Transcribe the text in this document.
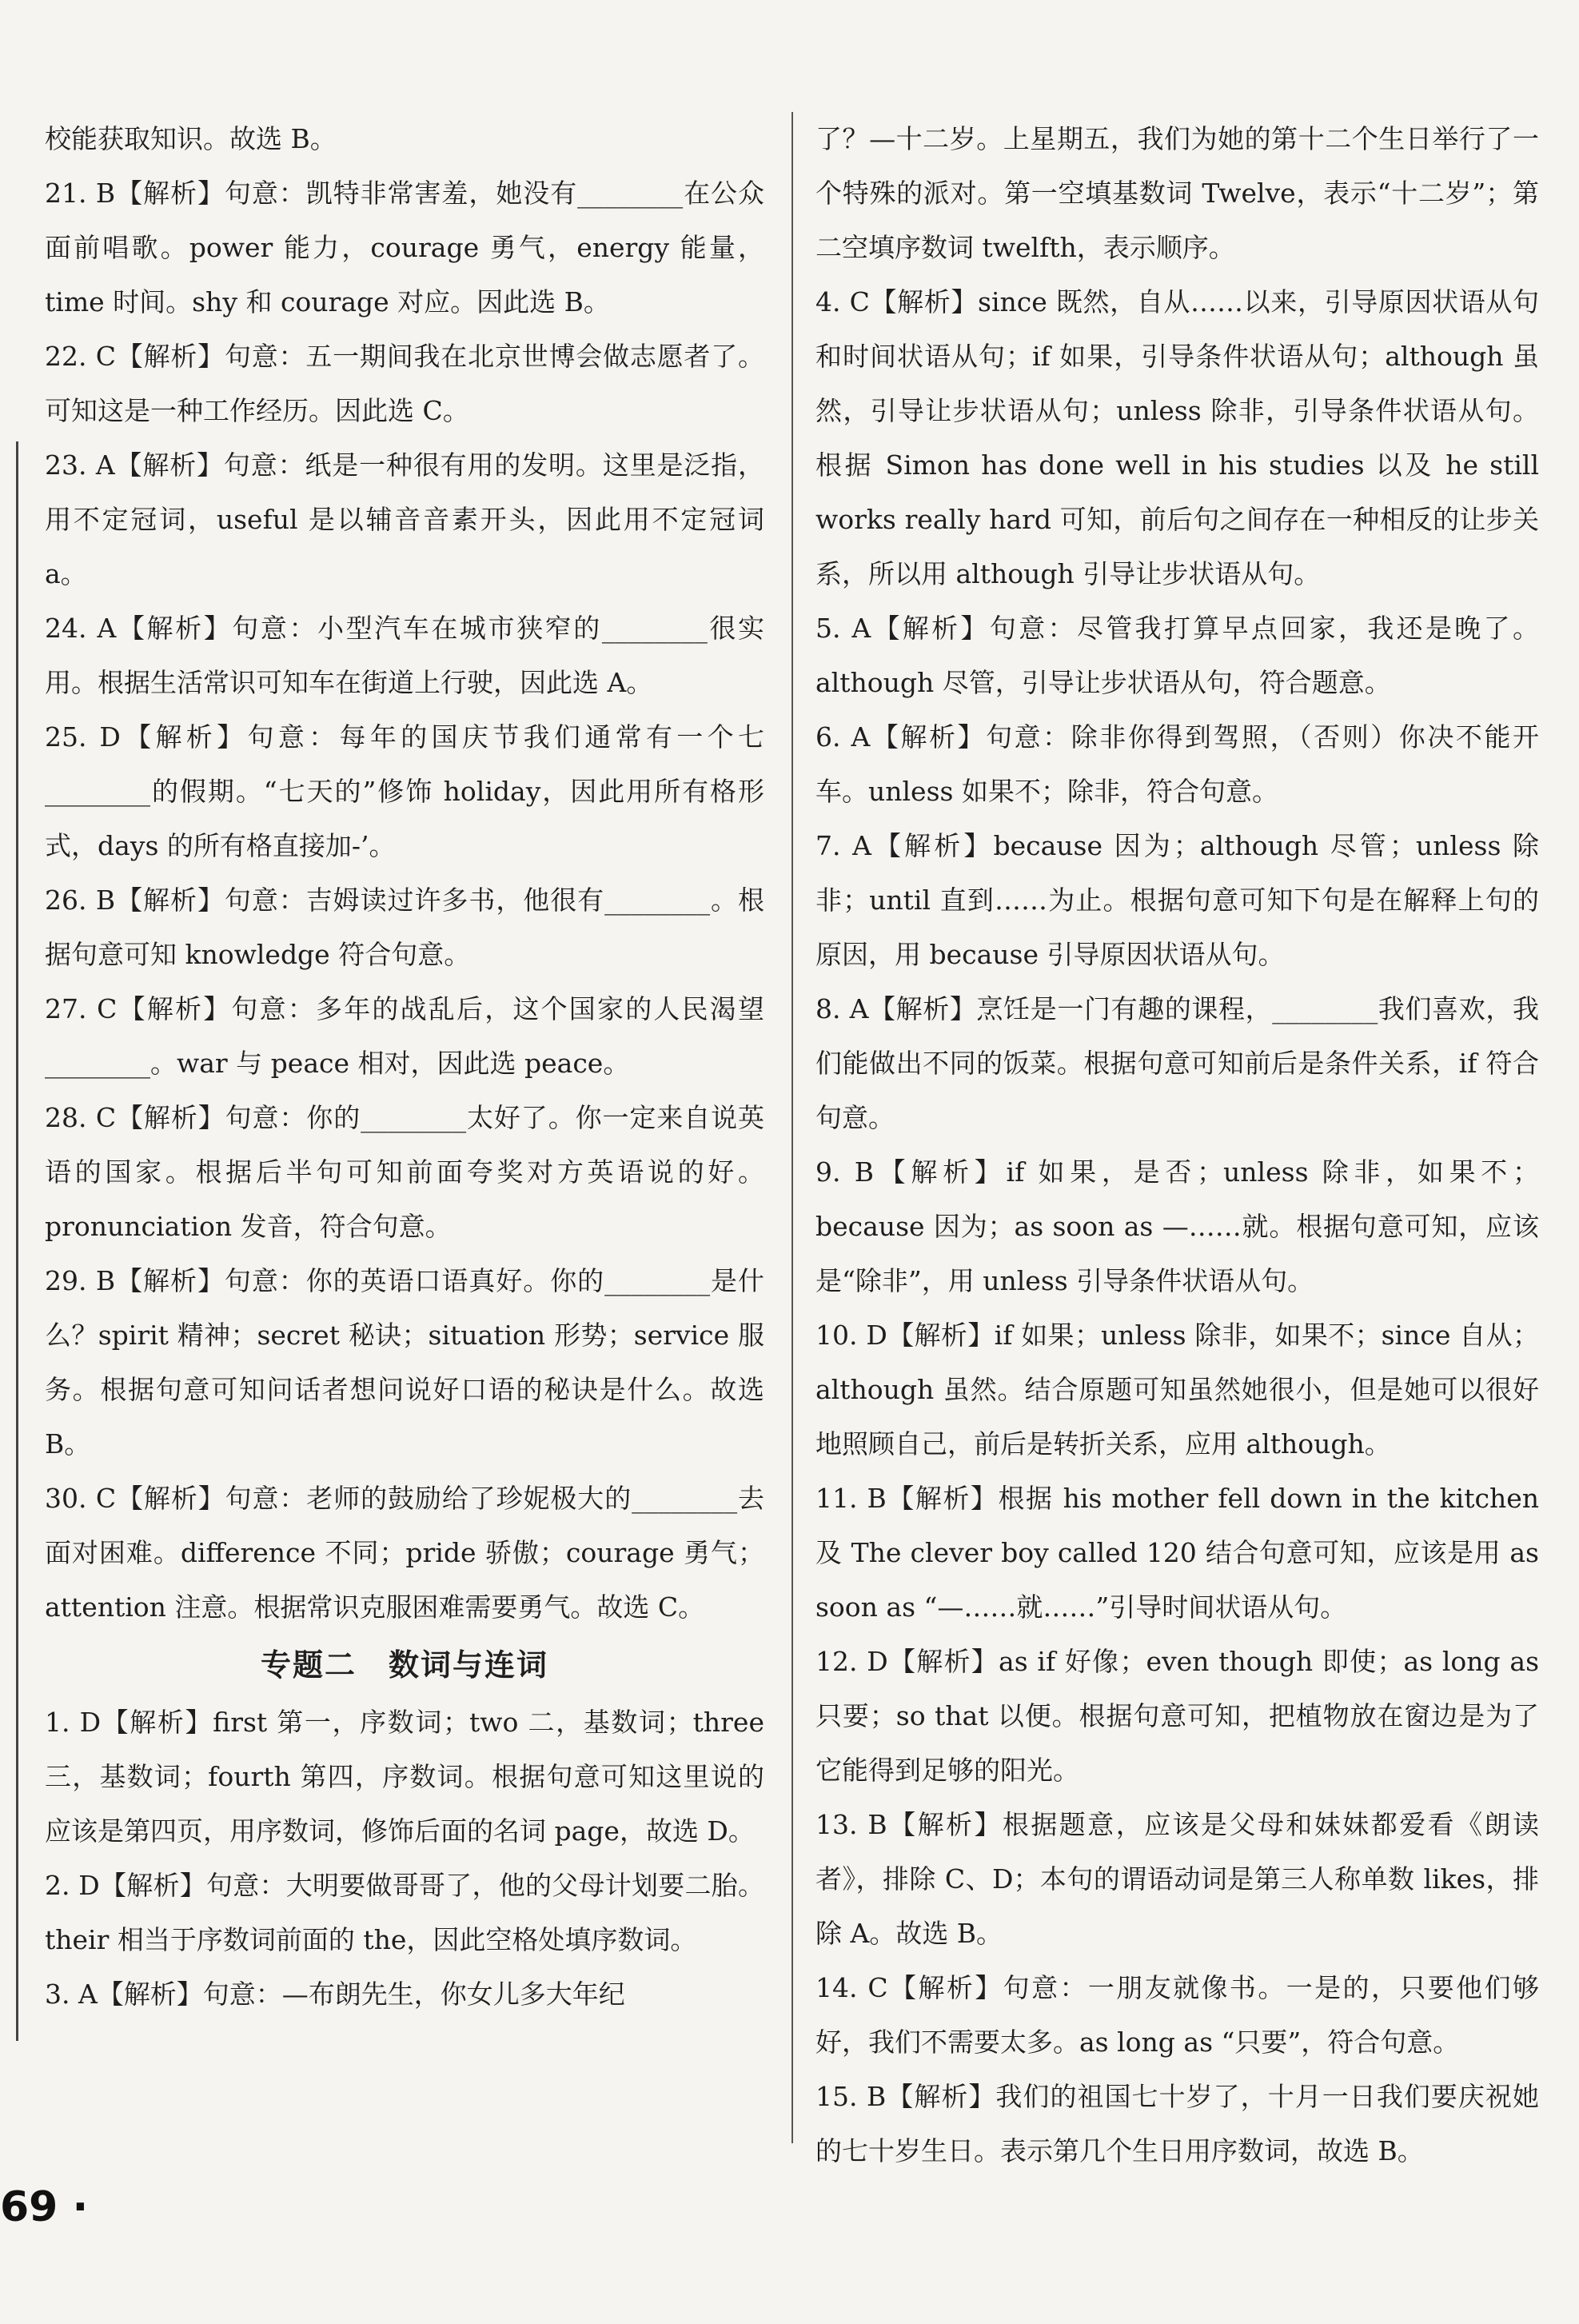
校能获取知识。故选 B。

21. B【解析】句意：凯特非常害羞，她没有________在公众面前唱歌。power 能力，courage 勇气，energy 能量，time 时间。shy 和 courage 对应。因此选 B。

22. C【解析】句意：五一期间我在北京世博会做志愿者了。可知这是一种工作经历。因此选 C。

23. A【解析】句意：纸是一种很有用的发明。这里是泛指，用不定冠词，useful 是以辅音音素开头，因此用不定冠词 a。

24. A【解析】句意：小型汽车在城市狭窄的________很实用。根据生活常识可知车在街道上行驶，因此选 A。

25. D【解析】句意：每年的国庆节我们通常有一个七________的假期。“七天的”修饰 holiday，因此用所有格形式，days 的所有格直接加-’。

26. B【解析】句意：吉姆读过许多书，他很有________。根据句意可知 knowledge 符合句意。

27. C【解析】句意：多年的战乱后，这个国家的人民渴望________。war 与 peace 相对，因此选 peace。

28. C【解析】句意：你的________太好了。你一定来自说英语的国家。根据后半句可知前面夸奖对方英语说的好。pronunciation 发音，符合句意。

29. B【解析】句意：你的英语口语真好。你的________是什么？spirit 精神；secret 秘诀；situation 形势；service 服务。根据句意可知问话者想问说好口语的秘诀是什么。故选 B。

30. C【解析】句意：老师的鼓励给了珍妮极大的________去面对困难。difference 不同；pride 骄傲；courage 勇气；attention 注意。根据常识克服困难需要勇气。故选 C。

专题二　数词与连词

1. D【解析】first 第一，序数词；two 二，基数词；three 三，基数词；fourth 第四，序数词。根据句意可知这里说的应该是第四页，用序数词，修饰后面的名词 page，故选 D。

2. D【解析】句意：大明要做哥哥了，他的父母计划要二胎。their 相当于序数词前面的 the，因此空格处填序数词。

3. A【解析】句意：—布朗先生，你女儿多大年纪

了？—十二岁。上星期五，我们为她的第十二个生日举行了一个特殊的派对。第一空填基数词 Twelve，表示“十二岁”；第二空填序数词 twelfth，表示顺序。

4. C【解析】since 既然，自从……以来，引导原因状语从句和时间状语从句；if 如果，引导条件状语从句；although 虽然，引导让步状语从句；unless 除非，引导条件状语从句。根据 Simon has done well in his studies 以及 he still works really hard 可知，前后句之间存在一种相反的让步关系，所以用 although 引导让步状语从句。

5. A【解析】句意：尽管我打算早点回家，我还是晚了。although 尽管，引导让步状语从句，符合题意。

6. A【解析】句意：除非你得到驾照，（否则）你决不能开车。unless 如果不；除非，符合句意。

7. A【解析】because 因为；although 尽管；unless 除非；until 直到……为止。根据句意可知下句是在解释上句的原因，用 because 引导原因状语从句。

8. A【解析】烹饪是一门有趣的课程，________我们喜欢，我们能做出不同的饭菜。根据句意可知前后是条件关系，if 符合句意。

9. B【解析】if 如果，是否；unless 除非，如果不；because 因为；as soon as —……就。根据句意可知，应该是“除非”，用 unless 引导条件状语从句。

10. D【解析】if 如果；unless 除非，如果不；since 自从；although 虽然。结合原题可知虽然她很小，但是她可以很好地照顾自己，前后是转折关系，应用 although。

11. B【解析】根据 his mother fell down in the kitchen 及 The clever boy called 120 结合句意可知，应该是用 as soon as “—……就……”引导时间状语从句。

12. D【解析】as if 好像；even though 即使；as long as 只要；so that 以便。根据句意可知，把植物放在窗边是为了它能得到足够的阳光。

13. B【解析】根据题意，应该是父母和妹妹都爱看《朗读者》，排除 C、D；本句的谓语动词是第三人称单数 likes，排除 A。故选 B。

14. C【解析】句意：一朋友就像书。一是的，只要他们够好，我们不需要太多。as long as “只要”，符合句意。

15. B【解析】我们的祖国七十岁了，十月一日我们要庆祝她的七十岁生日。表示第几个生日用序数词，故选 B。

69 ·
